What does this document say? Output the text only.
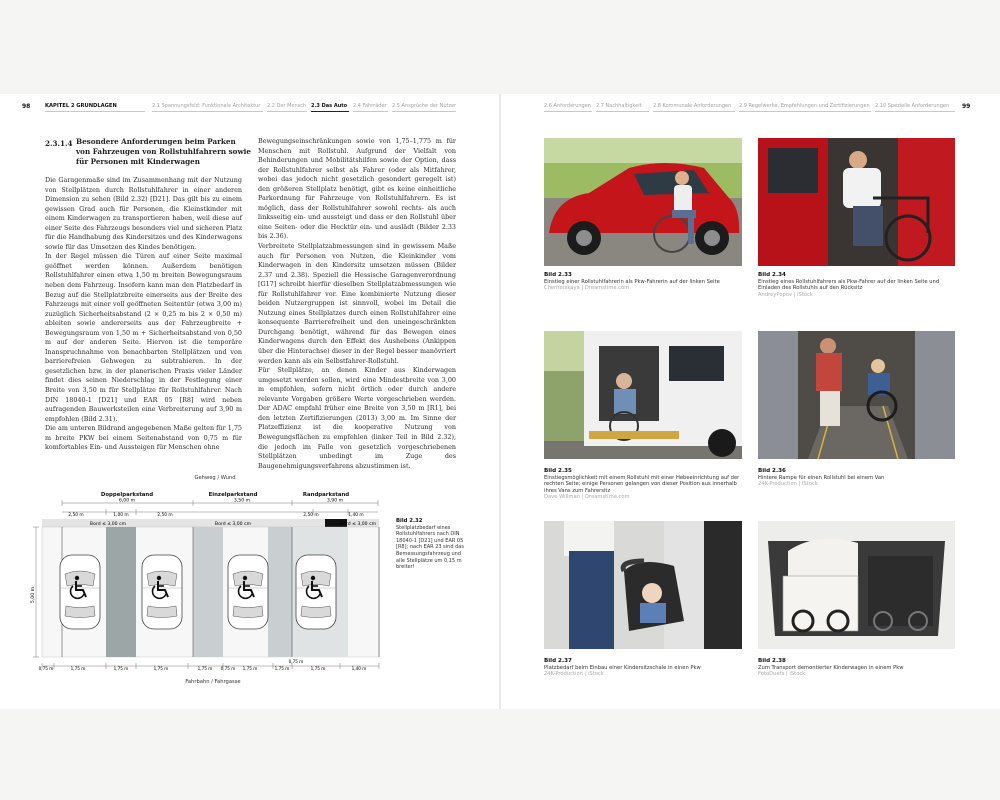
98	KAPITEL 2 GRUNDLAGEN	2.1 Spannungsfeld: Funktionale Architektur 2.2 Der Mensch 2.3 Das Auto 2.4 Fahrräder 2.5 Ansprüche der Nutzer	2.6 Anforderungen 2.7 Nachhaltigkeit 2.8 Kommunale Anforderungen 2.9 Regelwerke, Empfehlungen und Zertifizierungen 2.10 Spezielle Anforderungen 99
2.3.1.4 Besondere Anforderungen beim Parken von Fahrzeugen von Rollstuhlfahrern sowie für Personen mit Kinderwagen

Die Garagenmaße sind im Zusammenhang mit der Nutzung von Stellplätzen durch Rollstuhlfahrer in einer anderen Dimension zu sehen (Bild 2.32) [D21]. Das gilt bis zu einem gewissen Grad auch für Personen, die Kleinstkinder mit einem Kinderwagen zu transportieren haben, weil diese auf einer Seite des Fahrzeugs besonders viel und sicheren Platz für die Handhabung des Kindersitzes und des Kinderwagens sowie für das Umsetzen des Kindes benötigen.

In der Regel müssen die Türen auf einer Seite maximal geöffnet werden können. Außerdem benötigen Rollstuhlfahrer einen etwa 1,50 m breiten Bewegungsraum neben dem Fahrzeug. Insofern kann man den Platzbedarf in Bezug auf die Stellplatzbreite einerseits aus der Breite des Fahrzeugs mit einer voll geöffneten Seitentür (etwa 3,00 m) zuzüglich Sicherheitsabstand (2 × 0,25 m bis 2 × 0,50 m) ableiten sowie andererseits aus der Fahrzeugbreite + Bewegungsraum von 1,50 m + Sicherheitsabstand von 0,50 m auf der anderen Seite. Hiervon ist die temporäre Inanspruchnahme von benachbarten Stellplätzen und von barrierefreien Gehwegen zu subtrahieren. In der gesetzlichen bzw. in der planerischen Praxis vieler Länder findet dies seinen Niederschlag in der Festlegung einer Breite von 3,50 m für Stellplätze für Rollstuhlfahrer. Nach DIN 18040-1 [D21] und EAR 05 [R8] wird neben aufragenden Bauwerksteilen eine Verbreiterung auf 3,90 m empfohlen (Bild 2.31).

Die am unteren Bildrand angegebenen Maße gelten für 1,75 m breite PKW bei einem Seitenabstand von 0,75 m für komfortables Ein- und Aussteigen für Menschen ohne

Bewegungseinschränkungen sowie von 1,75–1,775 m für Menschen mit Rollstuhl. Aufgrund der Vielfalt von Behinderungen und Mobilitätshilfen sowie der Option, dass der Rollstuhlfahrer selbst als Fahrer (oder als Mitfahrer, wobei das jedoch nicht gesetzlich gesondert geregelt ist) den größeren Stellplatz benötigt, gibt es keine einheitliche Parkordnung für Fahrzeuge von Rollstuhlfahrern. Es ist möglich, dass der Rollstuhlfahrer sowohl rechts- als auch linksseitig ein- und aussteigt und dass er den Rollstuhl über eine Seiten- oder die Hecktür ein- und auslädt (Bilder 2.33 bis 2.36).

Verbreitete Stellplatzabmessungen sind in gewissem Maße auch für Personen von Nutzen, die Kleinkinder vom Kinderwagen in den Kindersitz umsetzen müssen (Bilder 2.37 und 2.38). Speziell die Hessische Garagenverordnung [G17] schreibt hierfür dieselben Stellplatzabmessungen wie für Rollstuhlfahrer vor. Eine kombinierte Nutzung dieser beiden Nutzergruppen ist sinnvoll, wobei im Detail die Nutzung eines Stellplatzes durch einen Rollstuhlfahrer eine konsequente Barrierefreiheit und den uneingeschränkten Durchgang benötigt, während für das Bewegen eines Kinderwagens durch den Effekt des Aushebens (Ankippen über die Hinterachse) dieser in der Regel besser manövriert werden kann als ein Selbstfahrer-Rollstuhl.

Für Stellplätze, an denen Kinder aus Kinderwagen umgesetzt werden sollen, wird eine Mindestbreite von 3,00 m empfohlen, sofern nicht örtlich oder durch andere relevante Vorgaben größere Werte vorgeschrieben werden. Der ADAC empfahl früher eine Breite von 3,50 m [R1], bei den letzten Zertifizierungen (2013) 3,00 m. Im Sinne der Platzeffizienz ist die kooperative Nutzung von Bewegungsflächen zu empfehlen (linker Teil in Bild 2.32), die jedoch im Falle von gesetzlich vorgeschriebenen Stellplätzen unbedingt im Zuge des Baugenehmigungsverfahrens abzustimmen ist.

Gehweg / Wund
Doppelparkstand	Einzelparkstand	Randparkstand
6,00 m	3,50 m	3,90 m
2,50 m	1,00 m	2,50 m	2,50 m	1,40 m
Bord ≤ 3,00 cm	Bord ≤ 3,00 cm	Bord ≤ 3,00 cm
5,00 m
0,75 m	1,75 m	1,75 m	1,75 m	1,75 m 0,75 m 1,75 m	1,75 m
0,75 m
1,75 m	1,40 m
Fahrbahn / Fahrgasse
Bild 2.32
Stellplatzbedarf eines Rollstuhlfahrers nach DIN 18040-1 [D21] und EAR 05 [R8]; nach EAR 23 sind das Bemessungsfahrzeug und alle Stellplätze um 0,15 m breiter!
Bild 2.33
Einstieg einer Rollstuhlfahrerin als Pkw-Fahrerin auf der linken Seite
Chernetskaya | Dreamstime.com
Bild 2.34
Einstieg eines Rollstuhlfahrers als Pkw-Fahrer auf der linken Seite und Einladen des Rollstuhls auf den Rücksitz
AndreyPopov | iStock
Bild 2.35
Einstiegsmöglichkeit mit einem Rollstuhl mit einer Hebeeinrichtung auf der rechten Seite; einige Personen gelangen von dieser Position aus innerhalb ihres Vans zum Fahrersitz
Dave Willman | Dreamstime.com
Bild 2.36
Hintere Rampe für einen Rollstuhl bei einem Van
24K-Production | iStock
Bild 2.37
Platzbedarf beim Einbau einer Kindersitzschale in einen Pkw
24K-Production | iStock
Bild 2.38
Zum Transport demontierter Kinderwagen in einem Pkw
FotoDuets | iStock
